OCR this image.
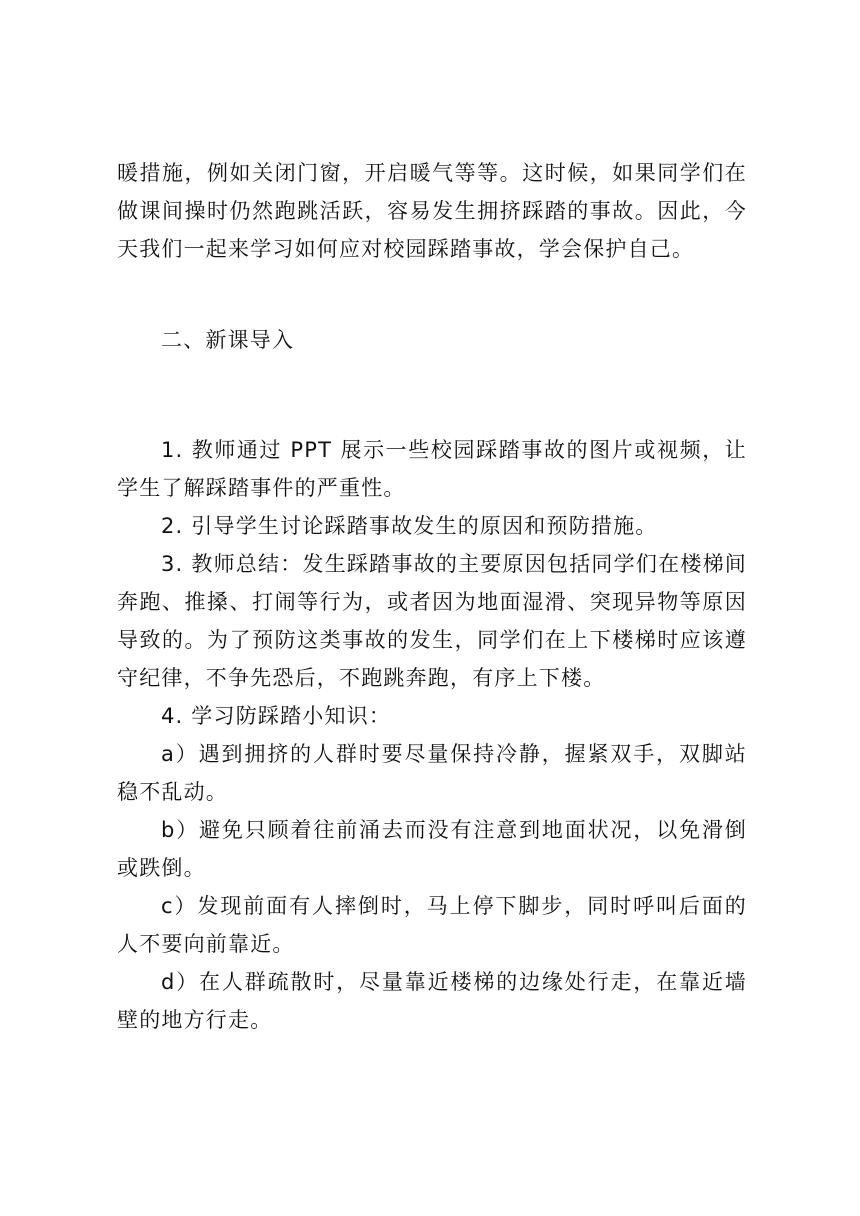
暖措施，例如关闭门窗，开启暖气等等。这时候，如果同学们在做课间操时仍然跑跳活跃，容易发生拥挤踩踏的事故。因此，今天我们一起来学习如何应对校园踩踏事故，学会保护自己。

二、新课导入

1. 教师通过 PPT 展示一些校园踩踏事故的图片或视频，让学生了解踩踏事件的严重性。

2. 引导学生讨论踩踏事故发生的原因和预防措施。

3. 教师总结：发生踩踏事故的主要原因包括同学们在楼梯间奔跑、推搡、打闹等行为，或者因为地面湿滑、突现异物等原因导致的。为了预防这类事故的发生，同学们在上下楼梯时应该遵守纪律，不争先恐后，不跑跳奔跑，有序上下楼。

4. 学习防踩踏小知识：

a）遇到拥挤的人群时要尽量保持冷静，握紧双手，双脚站稳不乱动。

b）避免只顾着往前涌去而没有注意到地面状况，以免滑倒或跌倒。

c）发现前面有人摔倒时，马上停下脚步，同时呼叫后面的人不要向前靠近。

d）在人群疏散时，尽量靠近楼梯的边缘处行走，在靠近墙壁的地方行走。
